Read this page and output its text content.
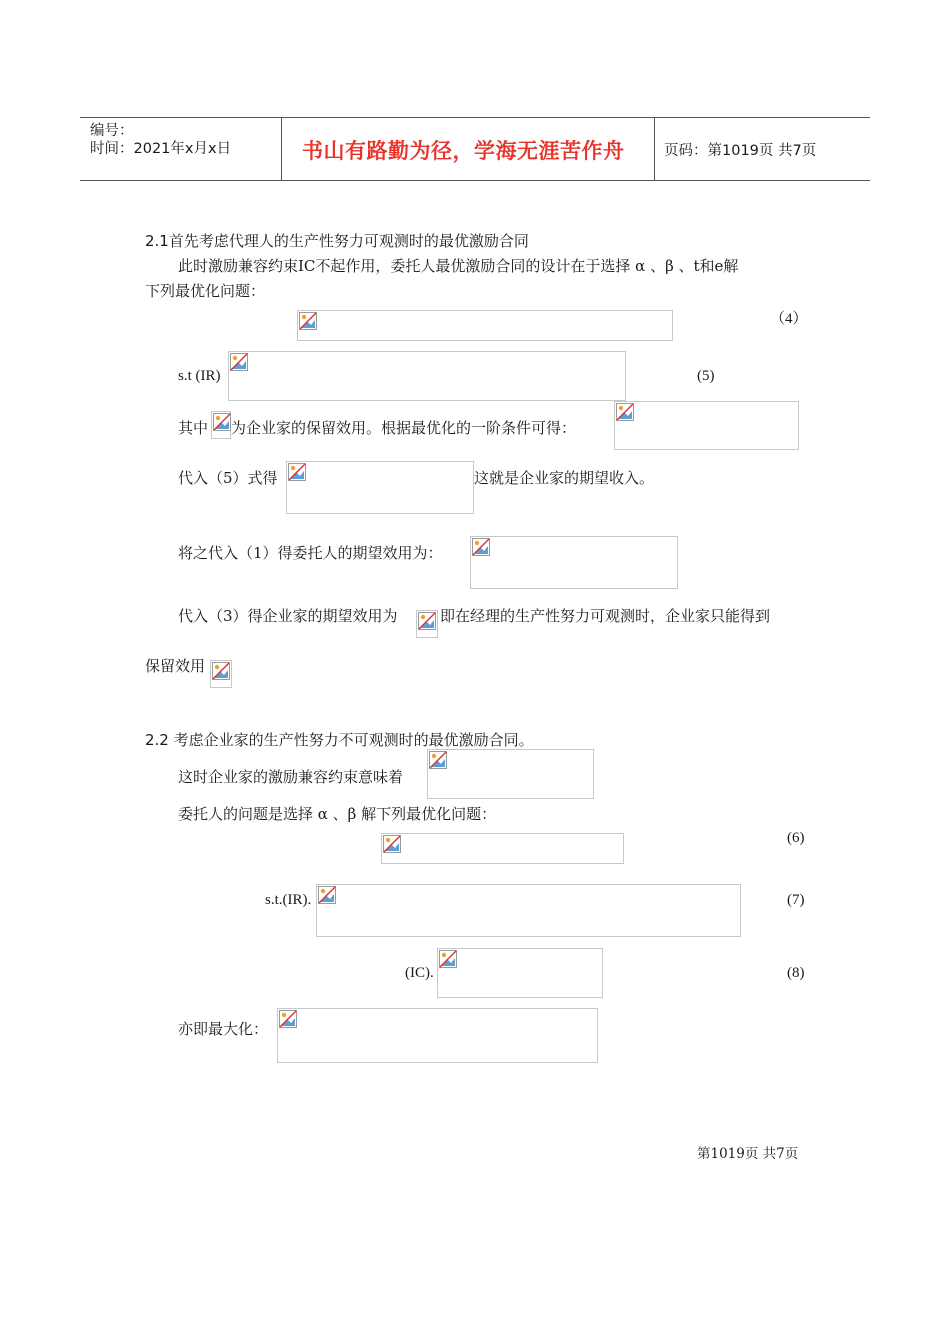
编号：
时间：2021年x月x日	书山有路勤为径，学海无涯苦作舟	页码：第1019页 共7页
2.1首先考虑代理人的生产性努力可观测时的最优激励合同
此时激励兼容约束IC不起作用，委托人最优激励合同的设计在于选择 α 、β 、t和e解
下列最优化问题：
（4）
s.t (IR)	(5)
其中 为企业家的保留效用。根据最优化的一阶条件可得：
代入（5）式得	这就是企业家的期望收入。
将之代入（1）得委托人的期望效用为：
代入（3）得企业家的期望效用为	即在经理的生产性努力可观测时，企业家只能得到
保留效用
2.2 考虑企业家的生产性努力不可观测时的最优激励合同。
这时企业家的激励兼容约束意味着
委托人的问题是选择 α 、β 解下列最优化问题：
(6)
s.t.(IR).	(7)
(IC).	(8)
亦即最大化：
第1019页 共7页
